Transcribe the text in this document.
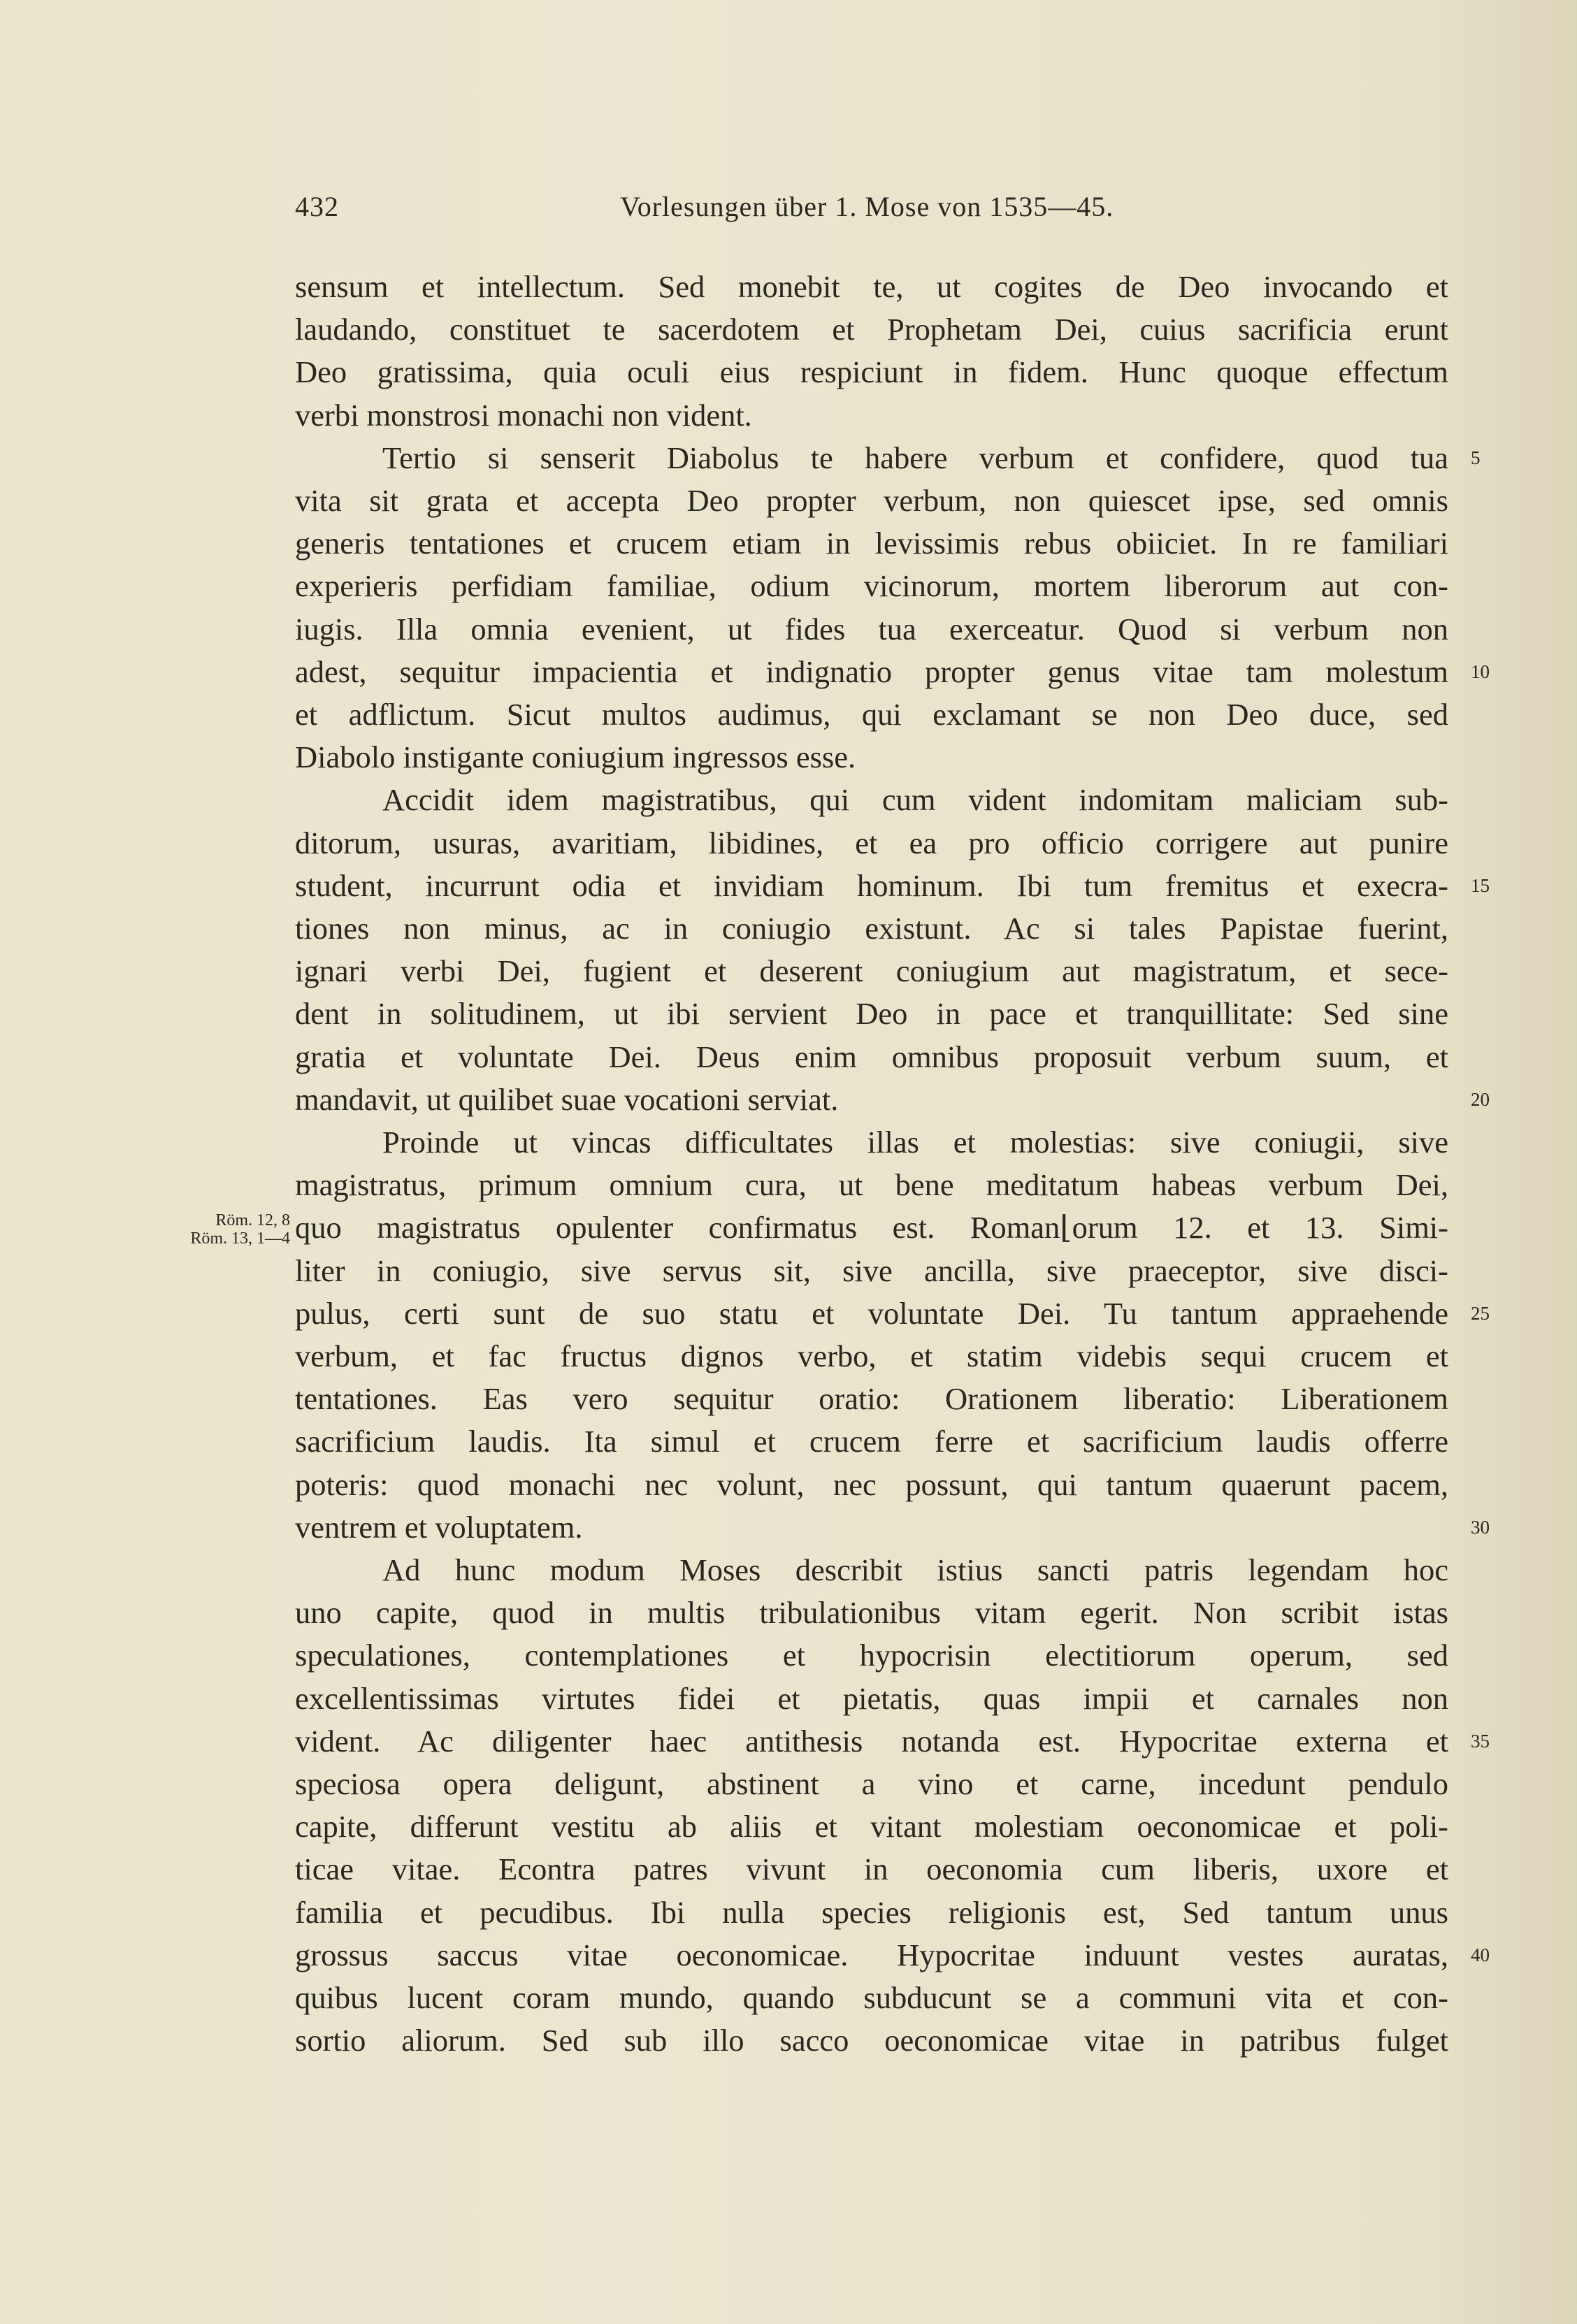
432	Vorlesungen über 1. Mose von 1535—45.
sensum et intellectum. Sed monebit te, ut cogites de Deo invocando et
laudando, constituet te sacerdotem et Prophetam Dei, cuius sacrificia erunt
Deo gratissima, quia oculi eius respiciunt in fidem. Hunc quoque effectum
verbi monstrosi monachi non vident.
Tertio si senserit Diabolus te habere verbum et confidere, quod tua
vita sit grata et accepta Deo propter verbum, non quiescet ipse, sed omnis
generis tentationes et crucem etiam in levissimis rebus obiiciet. In re familiari
experieris perfidiam familiae, odium vicinorum, mortem liberorum aut con-
iugis. Illa omnia evenient, ut fides tua exerceatur. Quod si verbum non
adest, sequitur impacientia et indignatio propter genus vitae tam molestum
et adflictum. Sicut multos audimus, qui exclamant se non Deo duce, sed
Diabolo instigante coniugium ingressos esse.
Accidit idem magistratibus, qui cum vident indomitam maliciam sub-
ditorum, usuras, avaritiam, libidines, et ea pro officio corrigere aut punire
student, incurrunt odia et invidiam hominum. Ibi tum fremitus et execra-
tiones non minus, ac in coniugio existunt. Ac si tales Papistae fuerint,
ignari verbi Dei, fugient et deserent coniugium aut magistratum, et sece-
dent in solitudinem, ut ibi servient Deo in pace et tranquillitate: Sed sine
gratia et voluntate Dei. Deus enim omnibus proposuit verbum suum, et
mandavit, ut quilibet suae vocationi serviat.
Proinde ut vincas difficultates illas et molestias: sive coniugii, sive
magistratus, primum omnium cura, ut bene meditatum habeas verbum Dei,
quo magistratus opulenter confirmatus est. Roman⌊orum 12. et 13. Simi-
liter in coniugio, sive servus sit, sive ancilla, sive praeceptor, sive disci-
pulus, certi sunt de suo statu et voluntate Dei. Tu tantum appraehende
verbum, et fac fructus dignos verbo, et statim videbis sequi crucem et
tentationes. Eas vero sequitur oratio: Orationem liberatio: Liberationem
sacrificium laudis. Ita simul et crucem ferre et sacrificium laudis offerre
poteris: quod monachi nec volunt, nec possunt, qui tantum quaerunt pacem,
ventrem et voluptatem.
Ad hunc modum Moses describit istius sancti patris legendam hoc
uno capite, quod in multis tribulationibus vitam egerit. Non scribit istas
speculationes, contemplationes et hypocrisin electitiorum operum, sed
excellentissimas virtutes fidei et pietatis, quas impii et carnales non
vident. Ac diligenter haec antithesis notanda est. Hypocritae externa et
speciosa opera deligunt, abstinent a vino et carne, incedunt pendulo
capite, differunt vestitu ab aliis et vitant molestiam oeconomicae et poli-
ticae vitae. Econtra patres vivunt in oeconomia cum liberis, uxore et
familia et pecudibus. Ibi nulla species religionis est, Sed tantum unus
grossus saccus vitae oeconomicae. Hypocritae induunt vestes auratas,
quibus lucent coram mundo, quando subducunt se a communi vita et con-
sortio aliorum. Sed sub illo sacco oeconomicae vitae in patribus fulget
5
10
15
20
25
30
35
40
Röm. 12, 8
Röm. 13, 1—4
